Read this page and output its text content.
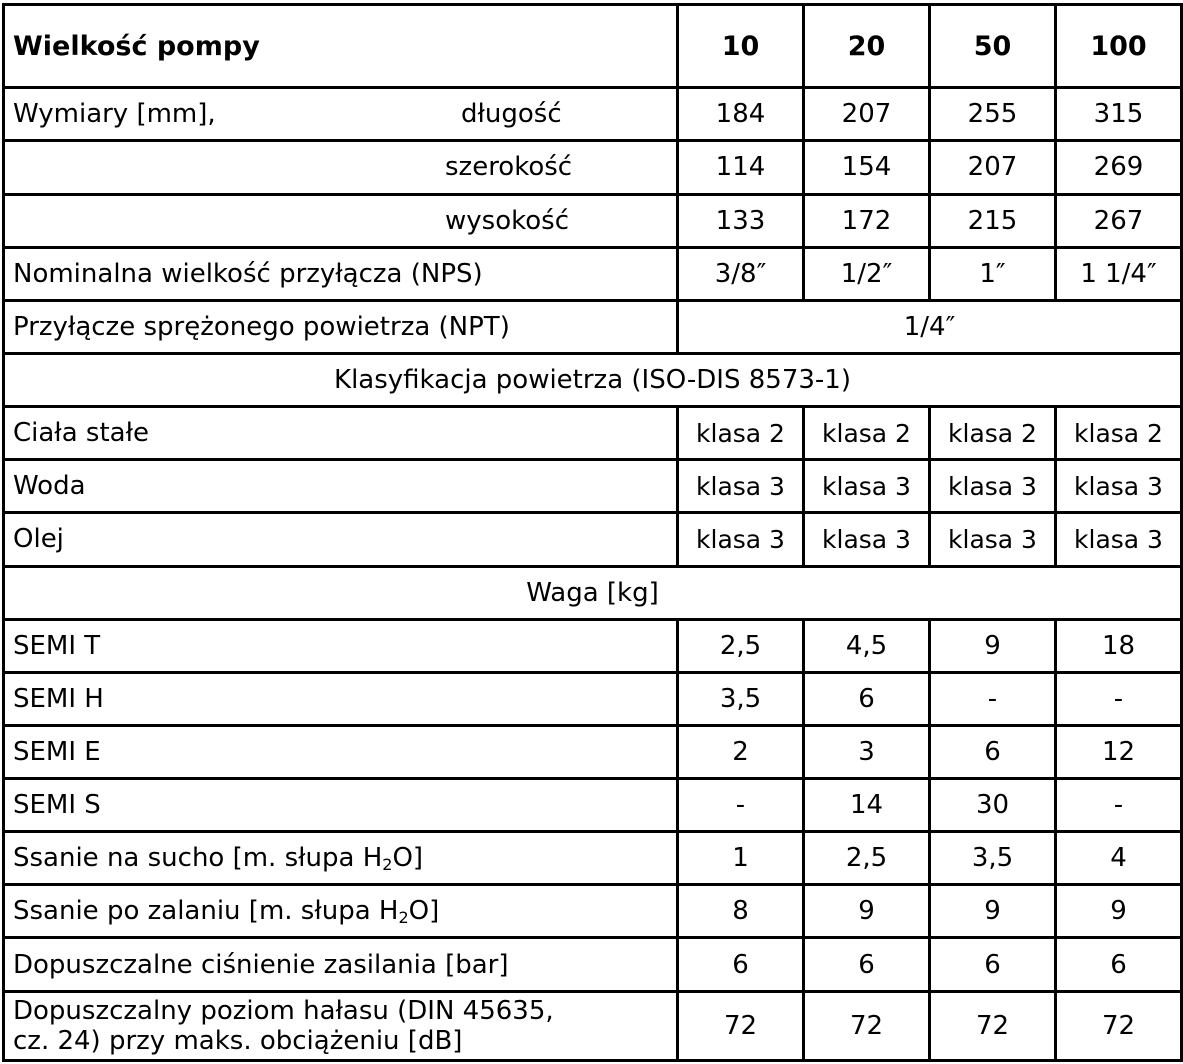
Wielkość pompy	10	20	50	100

Wymiary [mm], długość	184	207	255	315

szerokość	114	154	207	269

wysokość	133	172	215	267
Nominalna wielkość przyłącza (NPS)	3/8″	1/2″	1″	1 1/4″
Przyłącze sprężonego powietrza (NPT)	1/4″			
Klasyfikacja powietrza (ISO-DIS 8573-1)				
Ciała stałe	klasa 2	klasa 2	klasa 2	klasa 2
Woda	klasa 3	klasa 3	klasa 3	klasa 3
Olej	klasa 3	klasa 3	klasa 3	klasa 3
Waga [kg]				
SEMI T	2,5	4,5	9	18
SEMI H	3,5	6	-	-
SEMI E	2	3	6	12
SEMI S	-	14	30	-
Ssanie na sucho [m. słupa $H_2O$]	1	2,5	3,5	4
Ssanie po zalaniu [m. słupa $H_2O$]	8	9	9	9
Dopuszczalne ciśnienie zasilania [bar]	6	6	6	6
Dopuszczalny poziom hałasu (DIN 45635,
cz. 24) przy maks. obciążeniu [dB]	72	72	72	72
